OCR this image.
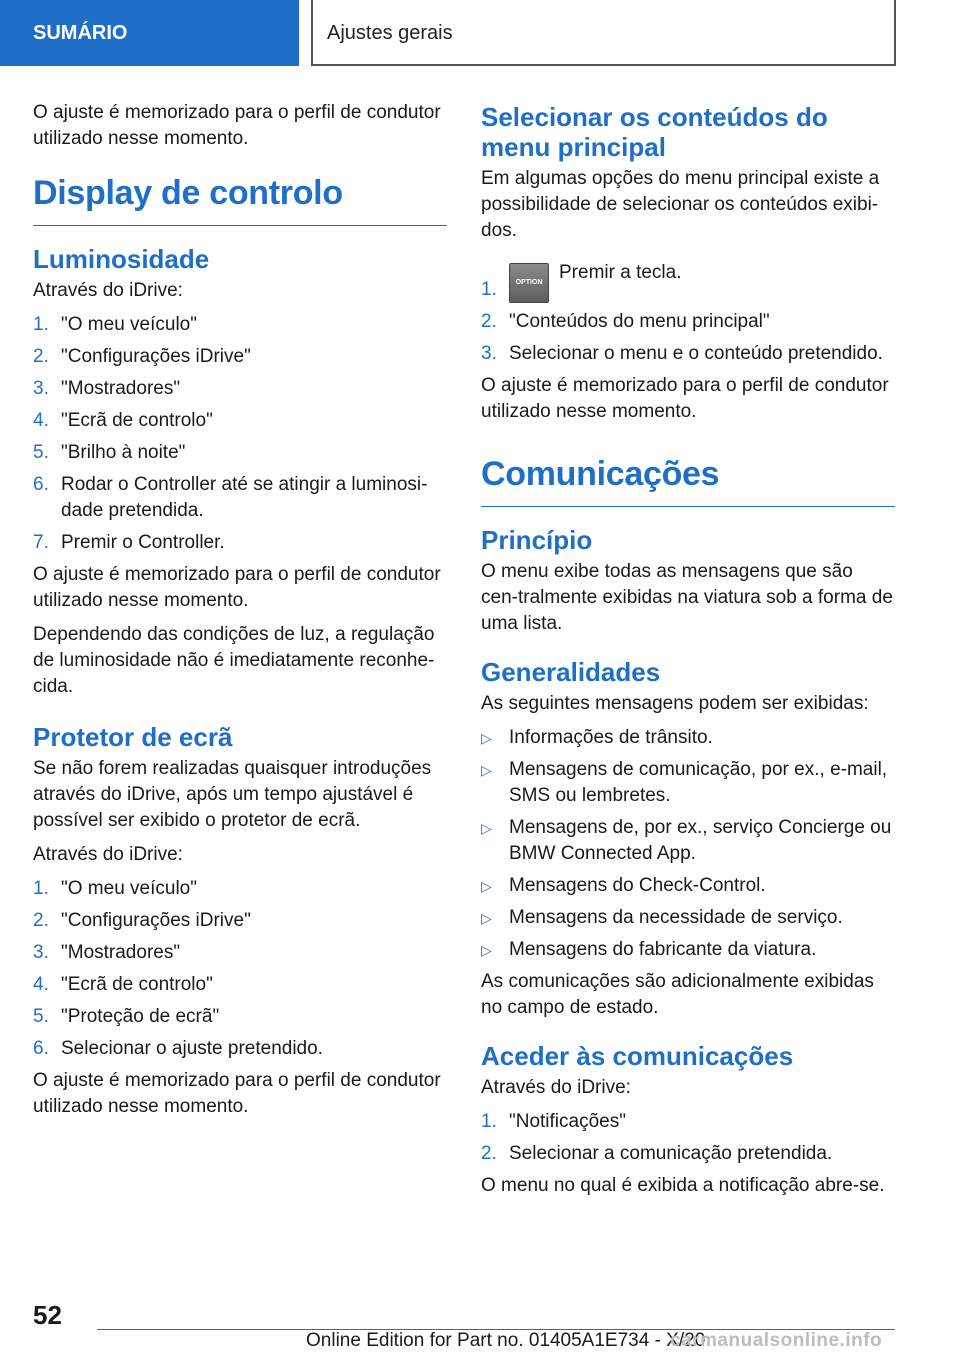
SUMÁRIO	Ajustes gerais

O ajuste é memorizado para o perfil de condutor utilizado nesse momento.

Display de controlo
Luminosidade

Através do iDrive:

1. "O meu veículo"
2. "Configurações iDrive"
3. "Mostradores"
4. "Ecrã de controlo"
5. "Brilho à noite"
6. Rodar o Controller até se atingir a luminosi-dade pretendida.
7. Premir o Controller.

O ajuste é memorizado para o perfil de condutor utilizado nesse momento.

Dependendo das condições de luz, a regulação de luminosidade não é imediatamente reconhe-cida.

Protetor de ecrã

Se não forem realizadas quaisquer introduções através do iDrive, após um tempo ajustável é possível ser exibido o protetor de ecrã.

Através do iDrive:

1. "O meu veículo"
2. "Configurações iDrive"
3. "Mostradores"
4. "Ecrã de controlo"
5. "Proteção de ecrã"
6. Selecionar o ajuste pretendido.

O ajuste é memorizado para o perfil de condutor utilizado nesse momento.

Selecionar os conteúdos do menu principal

Em algumas opções do menu principal existe a possibilidade de selecionar os conteúdos exibi-dos.

1.	OPTION Premir a tecla.
2. "Conteúdos do menu principal"
3. Selecionar o menu e o conteúdo pretendido.

O ajuste é memorizado para o perfil de condutor utilizado nesse momento.

Comunicações
Princípio

O menu exibe todas as mensagens que são cen-tralmente exibidas na viatura sob a forma de uma lista.

Generalidades

As seguintes mensagens podem ser exibidas:

▷ Informações de trânsito.
▷ Mensagens de comunicação, por ex., e-mail, SMS ou lembretes.
▷ Mensagens de, por ex., serviço Concierge ou BMW Connected App.
▷ Mensagens do Check-Control.
▷ Mensagens da necessidade de serviço.
▷ Mensagens do fabricante da viatura.

As comunicações são adicionalmente exibidas no campo de estado.

Aceder às comunicações

Através do iDrive:

1. "Notificações"
2. Selecionar a comunicação pretendida.

O menu no qual é exibida a notificação abre-se.

52
Online Edition for Part no. 01405A1E734 - X/20
carmanualsonline.info
